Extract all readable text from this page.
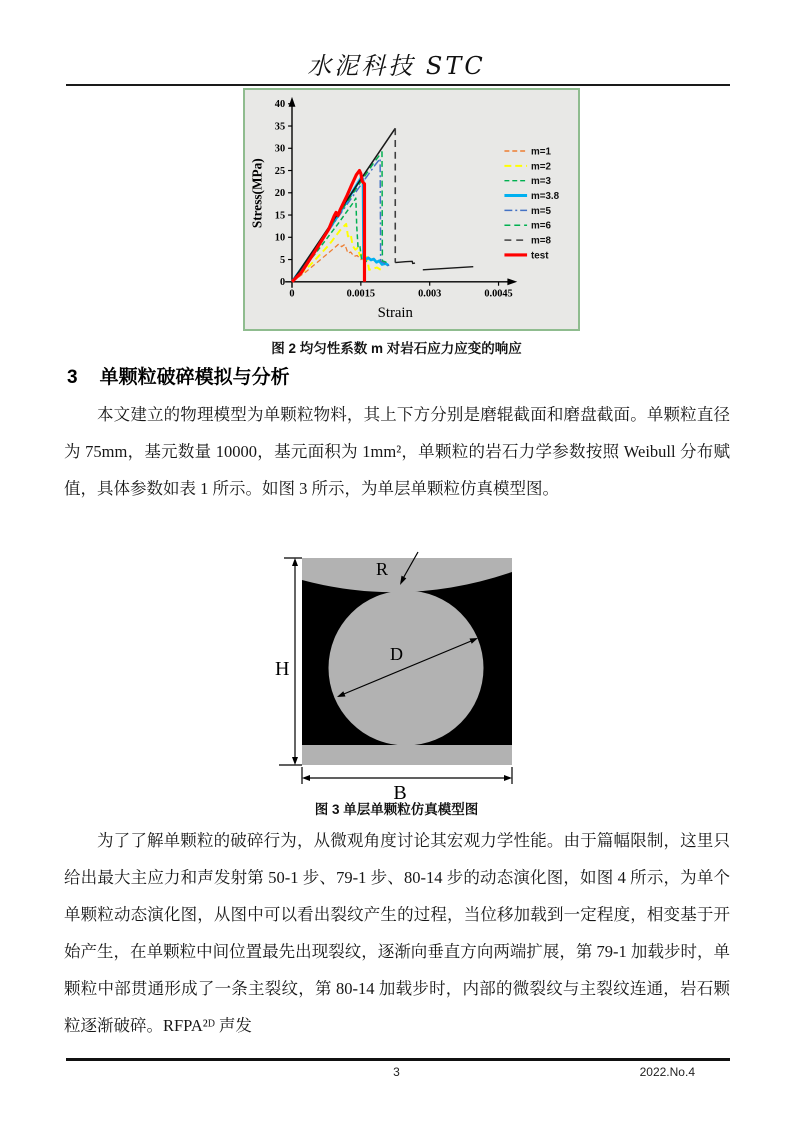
水泥科技 STC
0
5
10
15
20
25
30
35
40
0	0.0015	0.003	0.0045
Stress(MPa)
Strain
m=1
m=2
m=3
m=3.8
m=5
m=6
m=8
test
图 2 均匀性系数 m 对岩石应力应变的响应
3 单颗粒破碎模拟与分析
本文建立的物理模型为单颗粒物料，其上下方分别是磨辊截面和磨盘截面。单颗粒直径为 75mm，基元数量 10000，基元面积为 1mm²，单颗粒的岩石力学参数按照 Weibull 分布赋值，具体参数如表 1 所示。如图 3 所示，为单层单颗粒仿真模型图。
H
B
R
D
图 3 单层单颗粒仿真模型图
为了了解单颗粒的破碎行为，从微观角度讨论其宏观力学性能。由于篇幅限制，这里只给出最大主应力和声发射第 50-1 步、79-1 步、80-14 步的动态演化图，如图 4 所示，为单个单颗粒动态演化图，从图中可以看出裂纹产生的过程，当位移加载到一定程度，相变基于开始产生，在单颗粒中间位置最先出现裂纹，逐渐向垂直方向两端扩展，第 79-1 加载步时，单颗粒中部贯通形成了一条主裂纹，第 80-14 加载步时，内部的微裂纹与主裂纹连通，岩石颗粒逐渐破碎。RFPA²ᴰ 声发
3	2022.No.4
